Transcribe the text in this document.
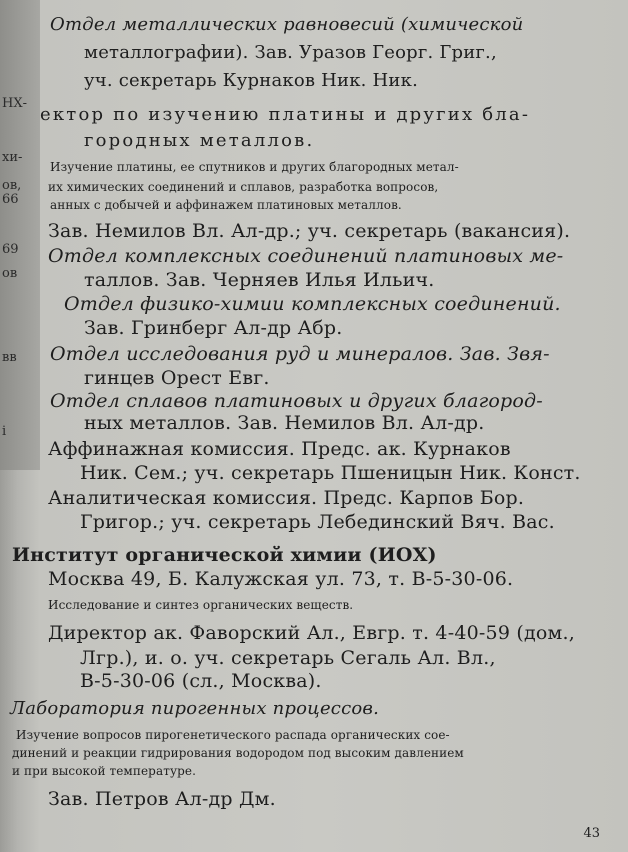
НХ-
хи-
ов,
66
69
ов
вв
i
Отдел металлических равновесий (химической
металлографии). Зав. Уразов Георг. Григ.,
уч. секретарь Курнаков Ник. Ник.
ектор по изучению платины и других бла-
городных металлов.
Изучение платины, ее спутников и других благородных метал-
их химических соединений и сплавов, разработка вопросов,
анных с добычей и аффинажем платиновых металлов.
Зав. Немилов Вл. Ал-др.; уч. секретарь (вакансия).
Отдел комплексных соединений платиновых ме-
таллов. Зав. Черняев Илья Ильич.
Отдел физико-химии комплексных соединений.
Зав. Гринберг Ал-др Абр.
Отдел исследования руд и минералов. Зав. Звя-
гинцев Орест Евг.
Отдел сплавов платиновых и других благород-
ных металлов. Зав. Немилов Вл. Ал-др.
Аффинажная комиссия. Предс. ак. Курнаков
Ник. Сем.; уч. секретарь Пшеницын Ник. Конст.
Аналитическая комиссия. Предс. Карпов Бор.
Григор.; уч. секретарь Лебединский Вяч. Вас.
Институт органической химии (ИОХ)
Москва 49, Б. Калужская ул. 73, т. В-5-30-06.
Исследование и синтез органических веществ.
Директор ак. Фаворский Ал., Евгр. т. 4-40-59 (дом.,
Лгр.), и. о. уч. секретарь Сегаль Ал. Вл.,
В-5-30-06 (сл., Москва).
Лаборатория пирогенных процессов.
Изучение вопросов пирогенетического распада органических сое-
динений и реакции гидрирования водородом под высоким давлением
и при высокой температуре.
Зав. Петров Ал-др Дм.
43
